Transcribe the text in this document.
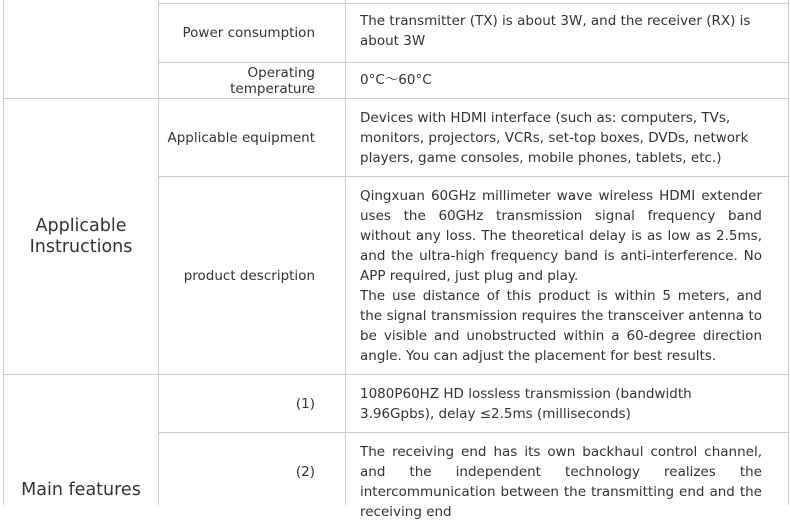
Power consumption
The transmitter (TX) is about 3W, and the receiver (RX) is about 3W
Operating temperature
0°C～60°C
Applicable
Instructions
Applicable equipment
Devices with HDMI interface (such as: computers, TVs, monitors, projectors, VCRs, set-top boxes, DVDs, network players, game consoles, mobile phones, tablets, etc.)
product description
Qingxuan 60GHz millimeter wave wireless HDMI extender uses the 60GHz transmission signal frequency band without any loss. The theoretical delay is as low as 2.5ms, and the ultra-high frequency band is anti-interference. No APP required, just plug and play.
The use distance of this product is within 5 meters, and the signal transmission requires the transceiver antenna to be visible and unobstructed within a 60-degree direction angle. You can adjust the placement for best results.
Main features
(1)
1080P60HZ HD lossless transmission (bandwidth 3.96Gpbs), delay ≤2.5ms (milliseconds)
(2)
The receiving end has its own backhaul control channel, and the independent technology realizes the intercommunication between the transmitting end and the receiving end
